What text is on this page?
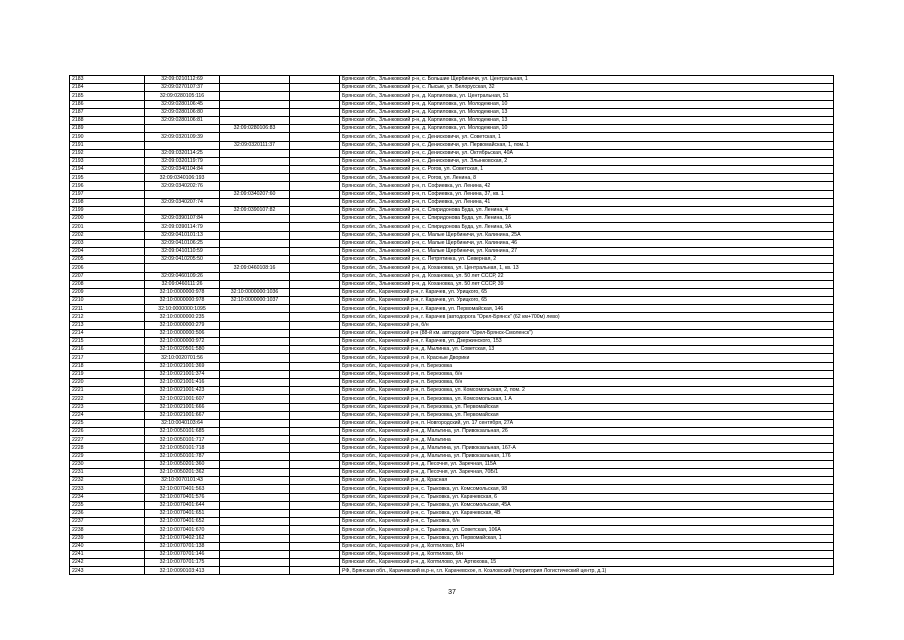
2183	32:09:0210112:69			Брянская обл., Злынковский р-н, с. Большие Щербиничи, ул. Центральная, 1
2184	32:09:0270107:37			Брянская обл., Злынковский р-н, с. Лысые, ул. Белорусская, 32
2185	32:09:0280105:116			Брянская обл., Злынковский р-н, д. Карпиловка, ул. Центральная, 51
2186	32:09:0280106:45			Брянская обл., Злынковский р-н, д. Карпиловка, ул. Молодежная, 10
2187	32:09:0280106:80			Брянская обл., Злынковский р-н, д. Карпиловка, ул. Молодежная, 13
2188	32:09:0280106:81			Брянская обл., Злынковский р-н, д. Карпиловка, ул. Молодежная, 13
2189		32:09:0280106:83		Брянская обл., Злынковский р-н, д. Карпиловка, ул. Молодежная, 10
2190	32:09:0320109:39			Брянская обл., Злынковский р-н, с. Денисковичи, ул. Советская, 1
2191		32:09:0320111:37		Брянская обл., Злынковский р-н, с. Денисковичи, ул. Первомайская, 1, пом. 1
2192	32:09:0320114:25			Брянская обл., Злынковский р-н, с. Денисковичи, ул. Октябрьская, 40А
2193	32:09:0320119:79			Брянская обл., Злынковский р-н, с. Денисковичи, ул. Злынковская, 2
2194	32:09:0340104:84			Брянская обл., Злынковский р-н, с. Рогов, ул. Советская, 1
2195	32:09:0340106:193			Брянская обл., Злынковский р-н, с. Рогов, ул. Ленина, 8
2196	32:09:0340202:76			Брянская обл., Злынковский р-н, п. Софиевка, ул. Ленина, 42
2197		32:09:0340207:60		Брянская обл., Злынковский р-н, п. Софиевка, ул. Ленина, 37, кв. 1
2198	32:09:0340207:74			Брянская обл., Злынковский р-н, п. Софиевка, ул. Ленина, 41
2199		32:09:0390107:82		Брянская обл., Злынковский р-н, с. Спиридонова Буда, ул. Ленина, 4
2200	32:09:0390107:84			Брянская обл., Злынковский р-н, с. Спиридонова Буда, ул. Ленина, 16
2201	32:09:0390114:79			Брянская обл., Злынковский р-н, с. Спиридонова Буда, ул. Ленина, 9А
2202	32:09:0410101:13			Брянская обл., Злынковский р-н, с. Малые Щербиничи, ул. Калинина, 25А
2203	32:09:0410106:25			Брянская обл., Злынковский р-н, с. Малые Щербиничи, ул. Калинина, 46
2204	32:09:0410110:59			Брянская обл., Злынковский р-н, с. Малые Щербиничи, ул. Калинина, 27
2205	32:09:0410205:50			Брянская обл., Злынковский р-н, с. Петрятинка, ул. Северная, 2
2206		32:09:0460108:16		Брянская обл., Злынковский р-н, д. Кохановка, ул. Центральная, 1, кв. 13
2207	32:09:0460109:26			Брянская обл., Злынковский р-н, д. Кохановка, ул. 50 лет СССР, 22
2208	32:09:0460111:26			Брянская обл., Злынковский р-н, д. Кохановка, ул. 50 лет СССР, 39
2209	32:10:0000000:978	32:10:0000000:1036		Брянская обл., Карачевский р-н, г. Карачев, ул. Урицкого, 65
2210	32:10:0000000:978	32:10:0000000:1037		Брянская обл., Карачевский р-н, г. Карачев, ул. Урицкого, 65
2211	32:10:0000000:1095			Брянская обл., Карачевский р-н, г. Карачев, ул. Первомайская, 146
2212	32:10:0000000:235			Брянская обл., Карачевский р-н, г. Карачев (автодорога "Орел-Брянск" (62 км+700м) лево)
2213	32:10:0000000:279			Брянская обл., Карачевский р-н, б/н
2214	32:10:0000000:506			Брянская обл., Карачевский р-н (88-й км. автодороги "Орел-Брянск-Смоленск")
2215	32:10:0000000:972			Брянская обл., Карачевский р-н, г. Карачев, ул. Дзержинского, 153
2216	32:10:0020501:580			Брянская обл., Карачевский р-н, д. Мылинка, ул. Советская, 13
2217	32:10:0020701:56			Брянская обл., Карачевский р-н, п. Красные Дворики
2218	32:10:0021001:369			Брянская обл., Карачевский р-н, п. Березовка
2219	32:10:0021001:374			Брянская обл., Карачевский р-н, п. Березовка, б/н
2220	32:10:0021001:416			Брянская обл., Карачевский р-н, п. Березовка, б/н
2221	32:10:0021001:423			Брянская обл., Карачевский р-н, п. Березовка, ул. Комсомольская, 2, пом. 2
2222	32:10:0021001:607			Брянская обл., Карачевский р-н, п. Березовка, ул. Комсомольская, 1 А
2223	32:10:0021001:666			Брянская обл., Карачевский р-н, п. Березовка, ул. Первомайская
2224	32:10:0021001:667			Брянская обл., Карачевский р-н, п. Березовка, ул. Первомайская
2225	32:10:0040103:64			Брянская обл., Карачевский р-н, п. Новгородский, ул. 17 сентября, 27А
2226	32:10:0050101:685			Брянская обл., Карачевский р-н, д. Мальтина, ул. Привокзальная, 26
2227	32:10:0050101:717			Брянская обл., Карачевский р-н, д. Мальтина
2228	32:10:0050101:718			Брянская обл., Карачевский р-н, д. Мальтина, ул. Привокзальная, 167-А
2229	32:10:0050101:787			Брянская обл., Карачевский р-н, д. Мальтина, ул. Привокзальная, 176
2230	32:10:0050201:360			Брянская обл., Карачевский р-н, д. Песочня, ул. Заречная, 115А
2231	32:10:0050201:362			Брянская обл., Карачевский р-н, д. Песочня, ул. Заречная, 70Б/1
2232	32:10:0070101:43			Брянская обл., Карачевский р-н, д. Красная
2233	32:10:0070401:563			Брянская обл., Карачевский р-н, с. Трыковка, ул. Комсомольская, 98
2234	32:10:0070401:576			Брянская обл., Карачевский р-н, с. Трыковка, ул. Карачевская, 6
2235	32:10:0070401:644			Брянская обл., Карачевский р-н, с. Трыковка, ул. Комсомольская, 45А
2236	32:10:0070401:651			Брянская обл., Карачевский р-н, с. Трыковка, ул. Карачевская, 4В
2237	32:10:0070401:652			Брянская обл., Карачевский р-н, с. Трыковка, б/н
2238	32:10:0070401:670			Брянская обл., Карачевский р-н, с. Трыковка, ул. Советская, 106А
2239	32:10:0070402:162			Брянская обл., Карачевский р-н, с. Трыковка, ул. Первомайская, 1
2240	32:10:0070701:138			Брянская обл., Карачевский р-н, д. Коптилово, Б/Н
2241	32:10:0070701:146			Брянская обл., Карачевский р-н, д. Коптилово, б/н
2242	32:10:0070701:175			Брянская обл., Карачевский р-н, д. Коптилово, ул. Артюхова, 15
2243	32:10:0090103:413			РФ, Брянская обл., Карачевский м.р-н, г.п. Карачевское, п. Козловский (территория Логистический центр, д.1)
37
